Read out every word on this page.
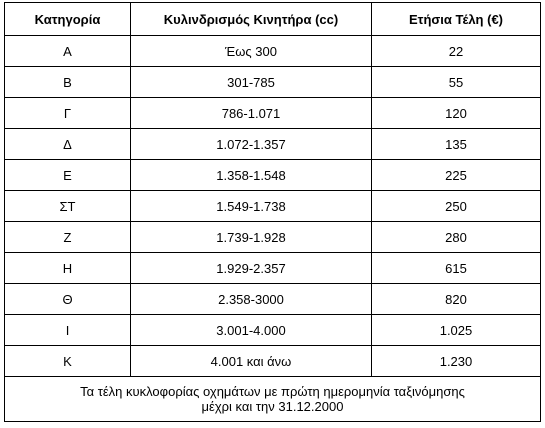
Κατηγορία	Κυλινδρισμός Κινητήρα (cc)	Ετήσια Τέλη (€)
Α	Έως 300	22
Β	301-785	55
Γ	786-1.071	120
Δ	1.072-1.357	135
Ε	1.358-1.548	225
ΣΤ	1.549-1.738	250
Ζ	1.739-1.928	280
Η	1.929-2.357	615
Θ	2.358-3000	820
Ι	3.001-4.000	1.025
Κ	4.001 και άνω	1.230

Τα τέλη κυκλοφορίας οχημάτων με πρώτη ημερομηνία ταξινόμησης
μέχρι και την 31.12.2000		
